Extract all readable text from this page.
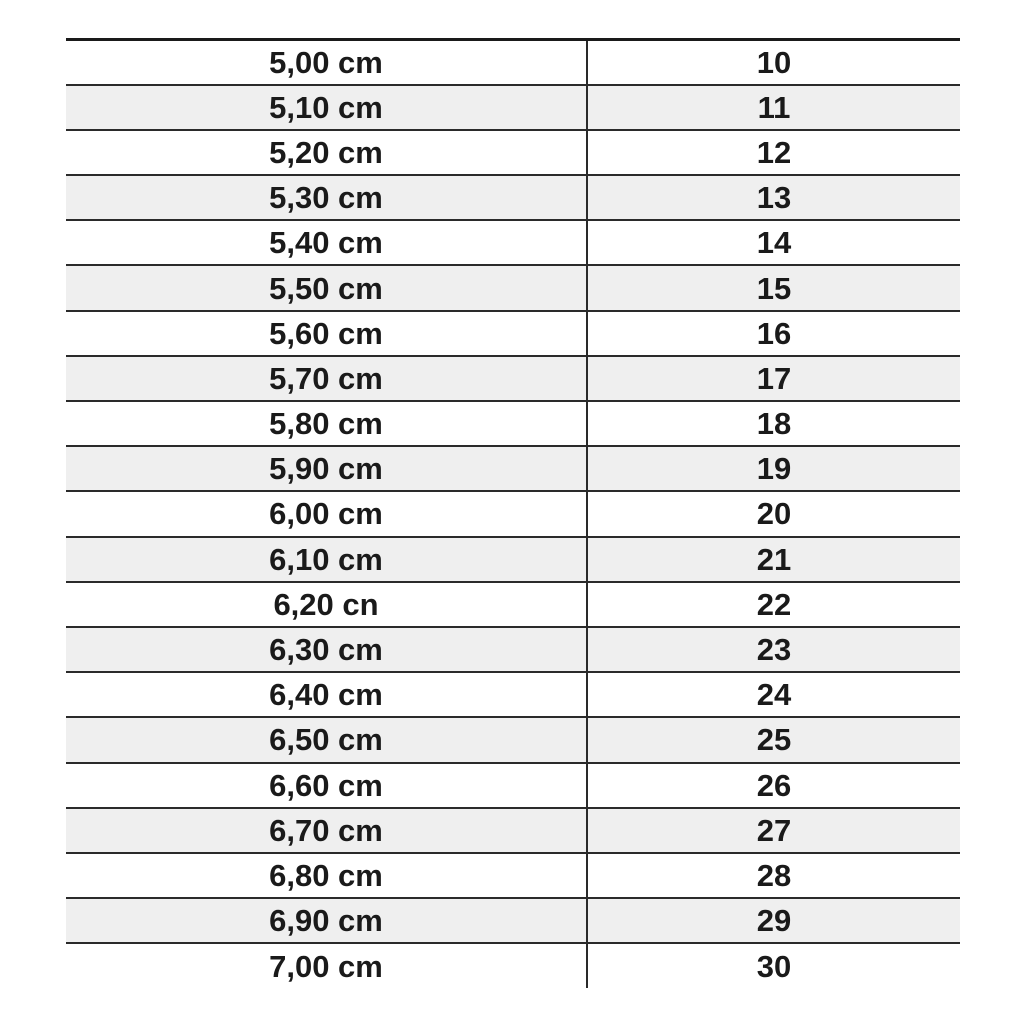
5,00 cm	10
5,10 cm	11
5,20 cm	12
5,30 cm	13
5,40 cm	14
5,50 cm	15
5,60 cm	16
5,70 cm	17
5,80 cm	18
5,90 cm	19
6,00 cm	20
6,10 cm	21
6,20 cn	22
6,30 cm	23
6,40 cm	24
6,50 cm	25
6,60 cm	26
6,70 cm	27
6,80 cm	28
6,90 cm	29
7,00 cm	30
